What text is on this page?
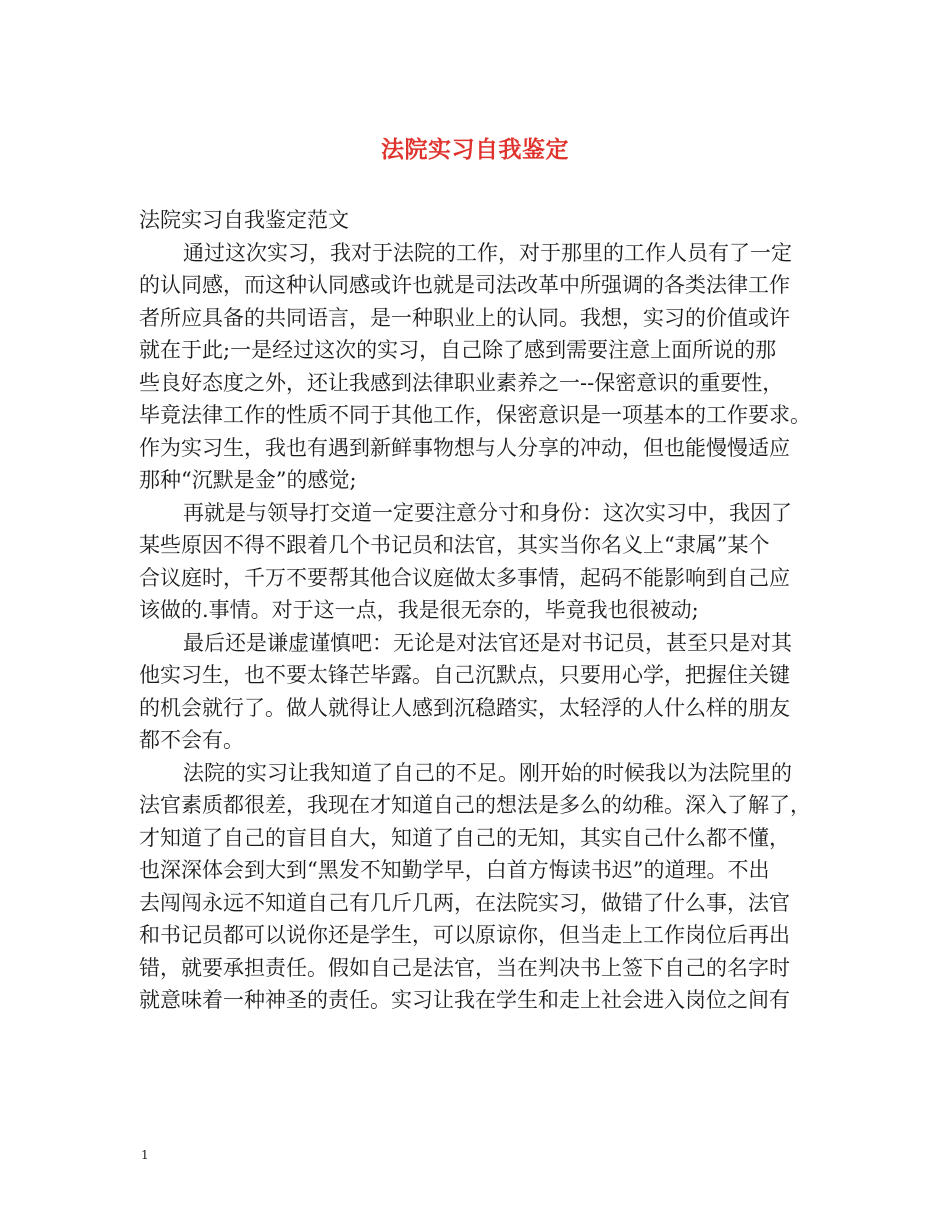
法院实习自我鉴定
法院实习自我鉴定范文
通过这次实习，我对于法院的工作，对于那里的工作人员有了一定
的认同感，而这种认同感或许也就是司法改革中所强调的各类法律工作
者所应具备的共同语言，是一种职业上的认同。我想，实习的价值或许
就在于此;一是经过这次的实习，自己除了感到需要注意上面所说的那
些良好态度之外，还让我感到法律职业素养之一--保密意识的重要性，
毕竟法律工作的性质不同于其他工作，保密意识是一项基本的工作要求。
作为实习生，我也有遇到新鲜事物想与人分享的冲动，但也能慢慢适应
那种“沉默是金”的感觉;
再就是与领导打交道一定要注意分寸和身份：这次实习中，我因了
某些原因不得不跟着几个书记员和法官，其实当你名义上“隶属”某个
合议庭时，千万不要帮其他合议庭做太多事情，起码不能影响到自己应
该做的.事情。对于这一点，我是很无奈的，毕竟我也很被动;
最后还是谦虚谨慎吧：无论是对法官还是对书记员，甚至只是对其
他实习生，也不要太锋芒毕露。自己沉默点，只要用心学，把握住关键
的机会就行了。做人就得让人感到沉稳踏实，太轻浮的人什么样的朋友
都不会有。
法院的实习让我知道了自己的不足。刚开始的时候我以为法院里的
法官素质都很差，我现在才知道自己的想法是多么的幼稚。深入了解了，
才知道了自己的盲目自大，知道了自己的无知，其实自己什么都不懂，
也深深体会到大到“黑发不知勤学早，白首方悔读书迟”的道理。不出
去闯闯永远不知道自己有几斤几两，在法院实习，做错了什么事，法官
和书记员都可以说你还是学生，可以原谅你，但当走上工作岗位后再出
错，就要承担责任。假如自己是法官，当在判决书上签下自己的名字时
就意味着一种神圣的责任。实习让我在学生和走上社会进入岗位之间有
1
